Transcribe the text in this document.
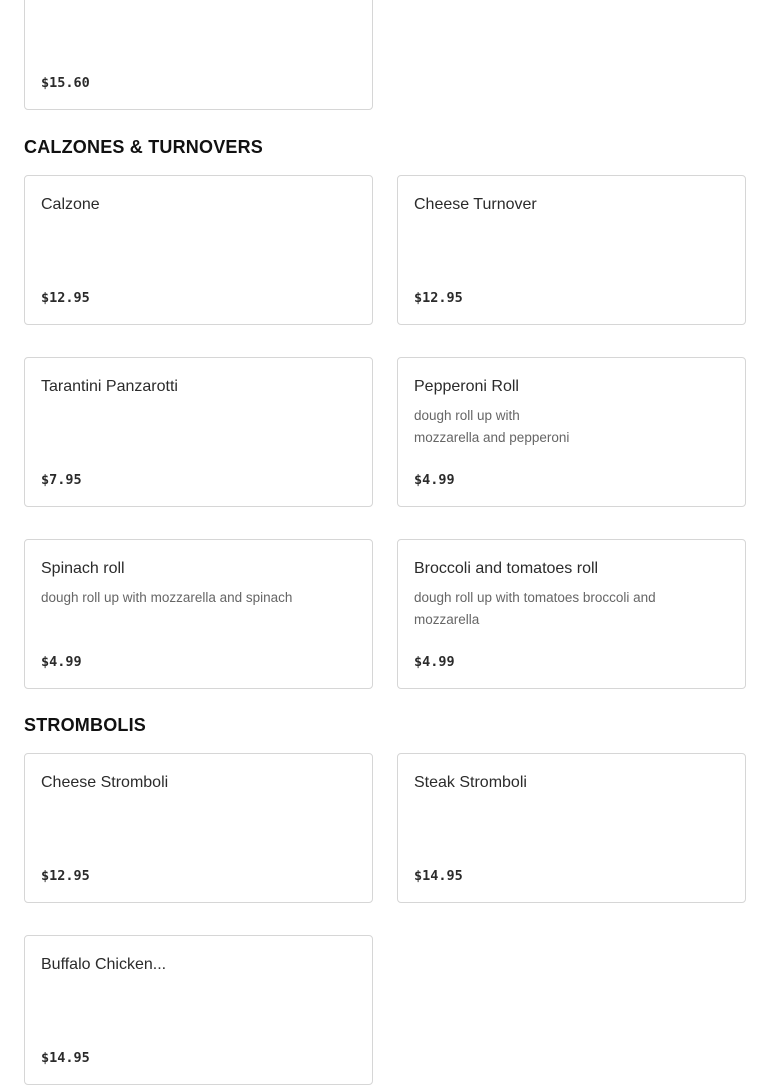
$15.60
CALZONES & TURNOVERS
Calzone
$12.95
Cheese Turnover
$12.95
Tarantini Panzarotti
$7.95
Pepperoni Roll
dough roll up with
mozzarella and pepperoni
$4.99
Spinach roll
dough roll up with mozzarella and spinach
$4.99
Broccoli and tomatoes roll
dough roll up with tomatoes broccoli and mozzarella
$4.99
STROMBOLIS
Cheese Stromboli
$12.95
Steak Stromboli
$14.95
Buffalo Chicken...
$14.95
